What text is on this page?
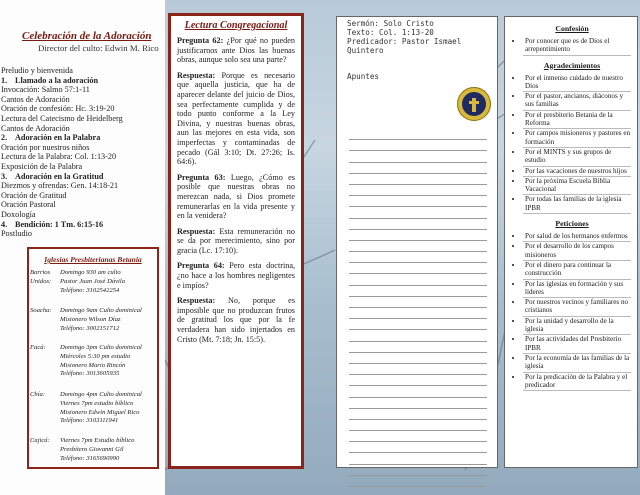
Celebración de la Adoración
Director del culto: Edwin M. Rico
Preludio y bienvenida
1. Llamado a la adoración
Invocación: Salmo 57:1-11
Cantos de Adoración
Oración de confesión: Hc. 3:19-20
Lectura del Catecismo de Heidelberg
Cantos de Adoración
2. Adoración en la Palabra
Oración por nuestros niños
Lectura de la Palabra: Col. 1:13-20
Exposición de la Palabra
3. Adoración en la Gratitud
Diezmos y ofrendas: Gen. 14:18-21
Oración de Gratitud
Oración Pastoral
Doxología
4. Bendición: 1 Tm. 6:15-16
Postludio
Iglesias Presbiterianas Betania
Barrios Unidos:
Domingo 930 am culto
Pastor Juan José Dávila
Teléfono: 3102542254
Soacha:	Domingo 9am Culto dominical
Misionero Wilson Díaz
Teléfono: 3002151712
Facá:	Domingo 3pm Culto dominical
Miércoles 5:30 pm estudio
Misionero Mario Rincón
Teléfono: 3013605935
Chía:	Domingo 4pm Culto dominical
Viernes 7pm estudio bíblico
Misionero Edwin Miguel Rico
Teléfono: 3103111941
Cajicá:	Viernes 7pm Estudio bíblico
Presbítero Giovanni Gil
Teléfono: 3165690990
Lectura Congregacional
Pregunta 62: ¿Por qué no pueden justificarnos ante Dios las buenas obras, aunque solo sea una parte?
Respuesta: Porque es necesario que aquella justicia, que ha de aparecer delante del juicio de Dios, sea perfectamente cumplida y de todo punto conforme a la Ley Divina, y nuestras buenas obras, aun las mejores en esta vida, son imperfectas y contaminadas de pecado (Gál 3:10; Dt. 27:26; Is. 64:6).
Pregunta 63: Luego, ¿Cómo es posible que nuestras obras no merezcan nada, si Dios promete remunerarlas en la vida presente y en la venidera?
Respuesta: Esta remuneración no se da por merecimiento, sino por gracia (Lc. 17:10).
Pregunta 64: Pero esta doctrina, ¿no hace a los hombres negligentes e impíos?
Respuesta: No, porque es imposible que no produzcan frutos de gratitud los que por la fe verdadera han sido injertados en Cristo (Mt. 7:18; Jn. 15:5).
Sermón: Solo Cristo
Texto: Col. 1:13-20
Predicador: Pastor Ismael Quintero
Apuntes
Confesión
• Por conocer que es de Dios el arrepentimiento
Agradecimientos
• Por el inmenso cuidado de nuestro Dios
• Por el pastor, ancianos, diáconos y sus familias
• Por el presbiterio Betania de la Reforma
• Por campos misioneros y pastores en formación
• Por el MINTS y sus grupos de estudio
• Por las vacaciones de nuestros hijos
• Por la próxima Escuela Biblia Vacacional
• Por todas las familias de la iglesia IPBR
Peticiones
• Por salud de los hermanos enfermos
• Por el desarrollo de los campos misioneros
• Por el dinero para continuar la construcción
• Por las iglesias en formación y sus líderes
• Por nuestros vecinos y familiares no cristianos
• Por la unidad y desarrollo de la iglesia
• Por las actividades del Presbiterio IPBR
• Por la economía de las familias de la iglesia
• Por la predicación de la Palabra y el predicador
